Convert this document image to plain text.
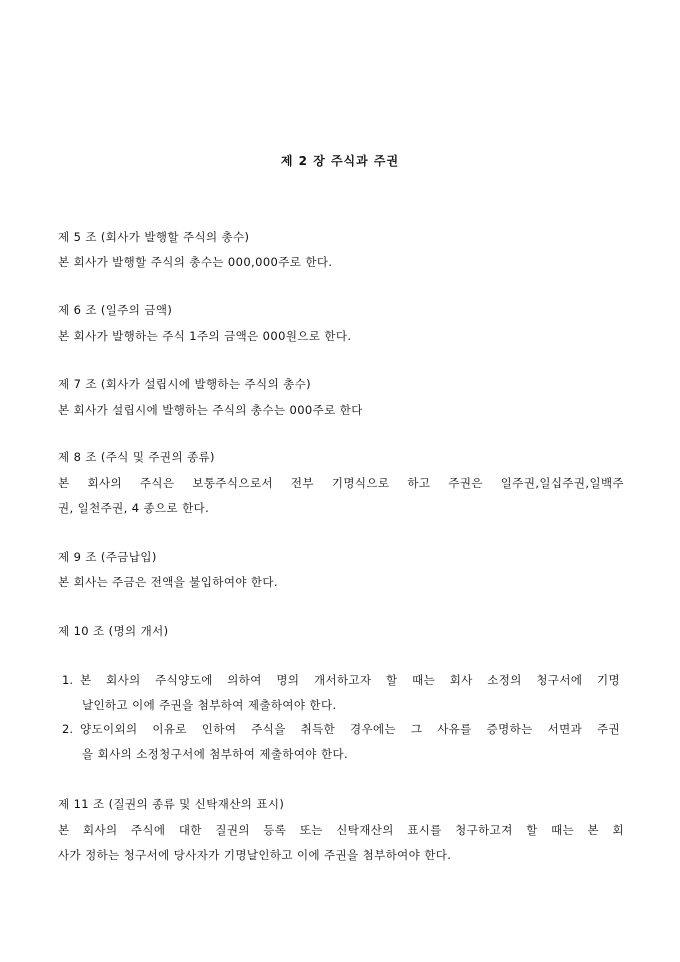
제 2 장 주식과 주권
제 5 조 (회사가 발행할 주식의 총수)
본 회사가 발행할 주식의 총수는 000,000주로 한다.
제 6 조 (일주의 금액)
본 회사가 발행하는 주식 1주의 금액은 000원으로 한다.
제 7 조 (회사가 설립시에 발행하는 주식의 총수)
본 회사가 설립시에 발행하는 주식의 총수는 000주로 한다
제 8 조 (주식 및 주권의 종류)
본 회사의 주식은 보통주식으로서 전부 기명식으로 하고 주권은 일주권,일십주권,일백주
권, 일천주권, 4 종으로 한다.
제 9 조 (주금납입)
본 회사는 주금은 전액을 불입하여야 한다.
제 10 조 (명의 개서)
1. 본 회사의 주식양도에 의하여 명의 개서하고자 할 때는 회사 소정의 청구서에 기명
날인하고 이에 주권을 첨부하여 제출하여야 한다.
2. 양도이외의 이유로 인하여 주식을 취득한 경우에는 그 사유를 증명하는 서면과 주권
을 회사의 소정청구서에 첨부하여 제출하여야 한다.
제 11 조 (질권의 종류 및 신탁재산의 표시)
본 회사의 주식에 대한 질권의 등록 또는 신탁재산의 표시를 청구하고져 할 때는 본 회
사가 정하는 청구서에 당사자가 기명날인하고 이에 주권을 첨부하여야 한다.
